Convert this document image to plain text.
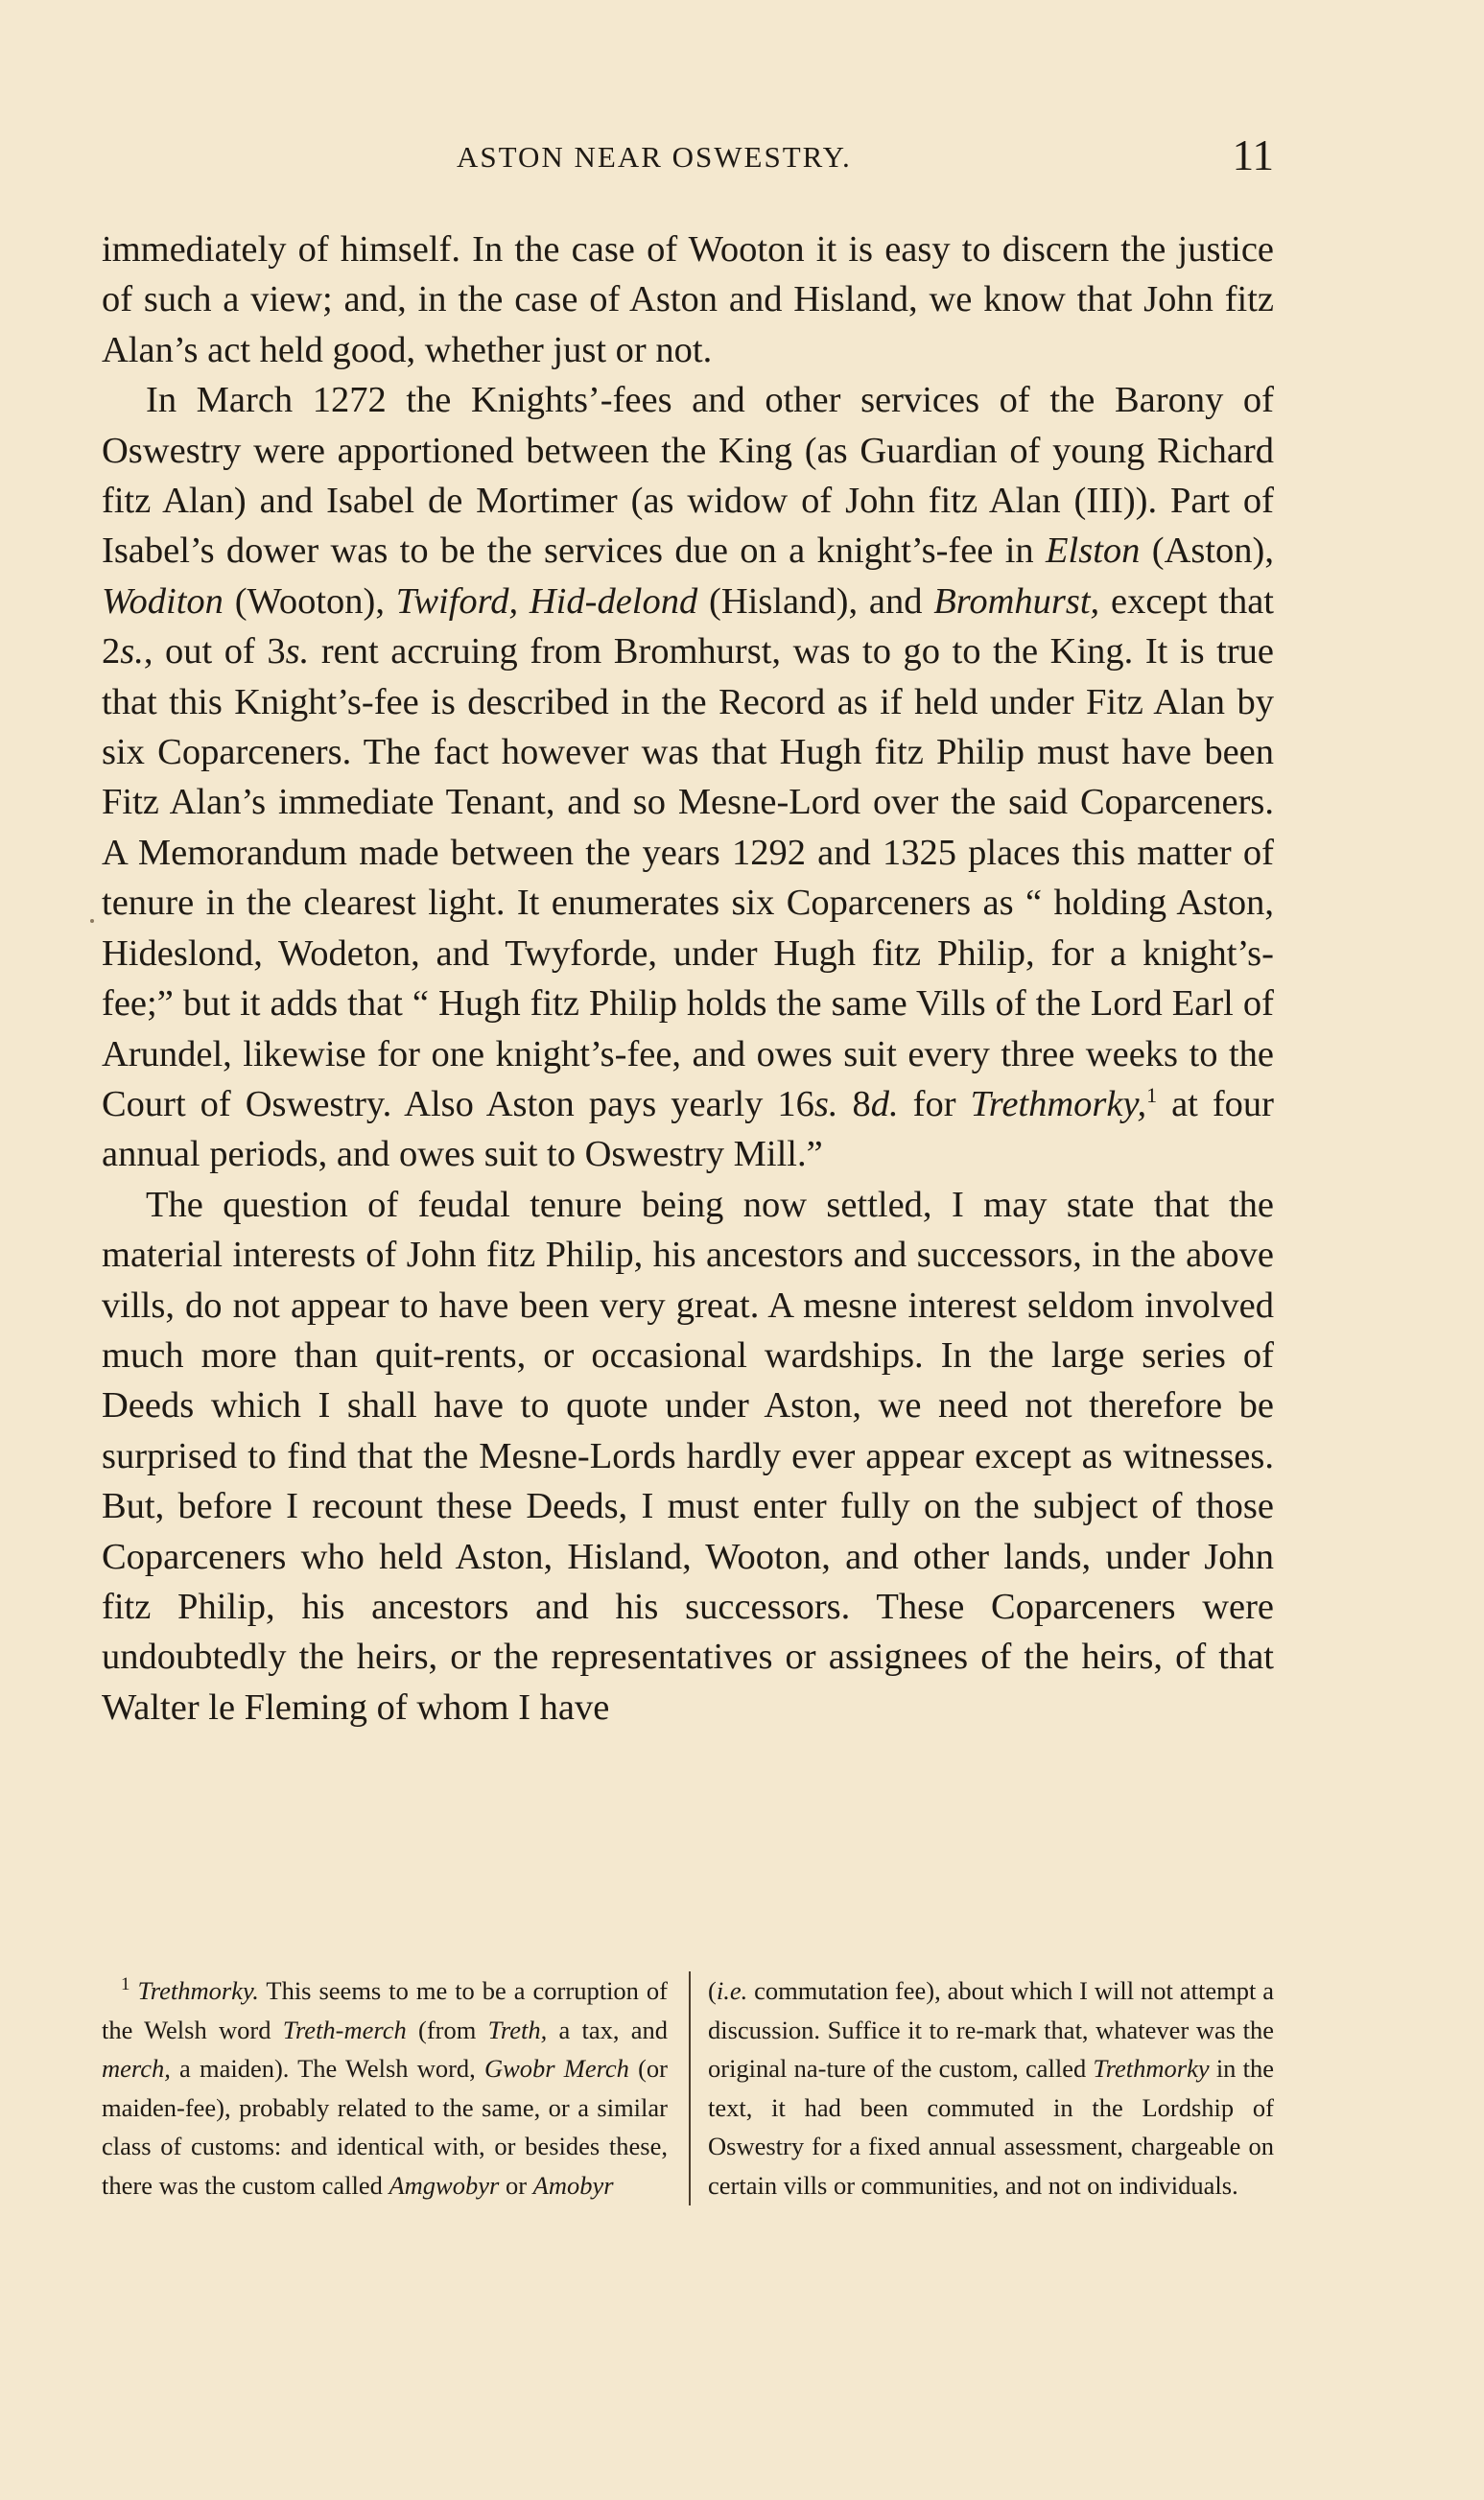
ASTON NEAR OSWESTRY.	11

immediately of himself. In the case of Wooton it is easy to discern the justice of such a view; and, in the case of Aston and Hisland, we know that John fitz Alan’s act held good, whether just or not.

In March 1272 the Knights’-fees and other services of the Barony of Oswestry were apportioned between the King (as Guardian of young Richard fitz Alan) and Isabel de Mortimer (as widow of John fitz Alan (III)). Part of Isabel’s dower was to be the services due on a knight’s-fee in Elston (Aston), Woditon (Wooton), Twiford, Hid-delond (Hisland), and Bromhurst, except that 2s., out of 3s. rent accruing from Bromhurst, was to go to the King. It is true that this Knight’s-fee is described in the Record as if held under Fitz Alan by six Coparceners. The fact however was that Hugh fitz Philip must have been Fitz Alan’s immediate Tenant, and so Mesne-Lord over the said Coparceners. A Memorandum made between the years 1292 and 1325 places this matter of tenure in the clearest light. It enumerates six Coparceners as “ holding Aston, Hideslond, Wodeton, and Twyforde, under Hugh fitz Philip, for a knight’s-fee;” but it adds that “ Hugh fitz Philip holds the same Vills of the Lord Earl of Arundel, likewise for one knight’s-fee, and owes suit every three weeks to the Court of Oswestry. Also Aston pays yearly 16s. 8d. for Trethmorky,$^1$ at four annual periods, and owes suit to Oswestry Mill.”

The question of feudal tenure being now settled, I may state that the material interests of John fitz Philip, his ancestors and successors, in the above vills, do not appear to have been very great. A mesne interest seldom involved much more than quit-rents, or occasional wardships. In the large series of Deeds which I shall have to quote under Aston, we need not therefore be surprised to find that the Mesne-Lords hardly ever appear except as witnesses. But, before I recount these Deeds, I must enter fully on the subject of those Coparceners who held Aston, Hisland, Wooton, and other lands, under John fitz Philip, his ancestors and his successors. These Coparceners were undoubtedly the heirs, or the representatives or assignees of the heirs, of that Walter le Fleming of whom I have

$^1$ Trethmorky. This seems to me to be a corruption of the Welsh word Treth-merch (from Treth, a tax, and merch, a maiden). The Welsh word, Gwobr Merch (or maiden-fee), probably related to the same, or a similar class of customs: and identical with, or besides these, there was the custom called Amgwobyr or Amobyr
(i.e. commutation fee), about which I will not attempt a discussion. Suffice it to re-mark that, whatever was the original na-ture of the custom, called Trethmorky in the text, it had been commuted in the Lordship of Oswestry for a fixed annual assessment, chargeable on certain vills or communities, and not on individuals.
